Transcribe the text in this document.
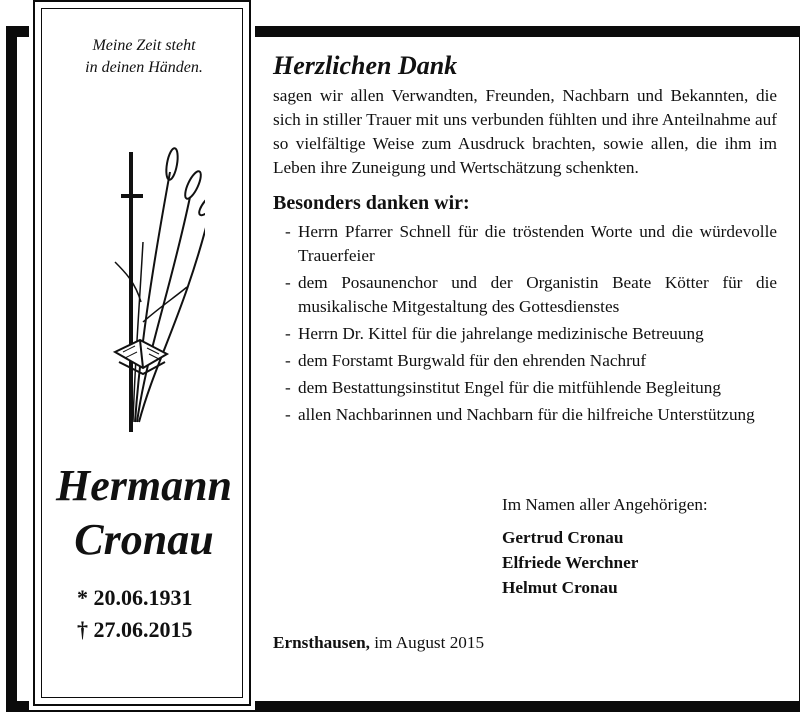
Meine Zeit steht
in deinen Händen.
Hermann
Cronau
* 20.06.1931
† 27.06.2015
Herzlichen Dank
sagen wir allen Verwandten, Freunden, Nachbarn und Bekannten, die sich in stiller Trauer mit uns verbunden fühlten und ihre Anteilnahme auf so vielfältige Weise zum Ausdruck brachten, sowie allen, die ihm im Leben ihre Zuneigung und Wertschätzung schenkten.
Besonders danken wir:
- Herrn Pfarrer Schnell für die tröstenden Worte und die würdevolle Trauerfeier
- dem Posaunenchor und der Organistin Beate Kötter für die musikalische Mitgestaltung des Gottesdienstes
- Herrn Dr. Kittel für die jahrelange medizinische Betreuung
- dem Forstamt Burgwald für den ehrenden Nachruf
- dem Bestattungsinstitut Engel für die mitfühlende Begleitung
- allen Nachbarinnen und Nachbarn für die hilfreiche Unterstützung
Im Namen aller Angehörigen:
Gertrud Cronau
Elfriede Werchner
Helmut Cronau
Ernsthausen, im August 2015
